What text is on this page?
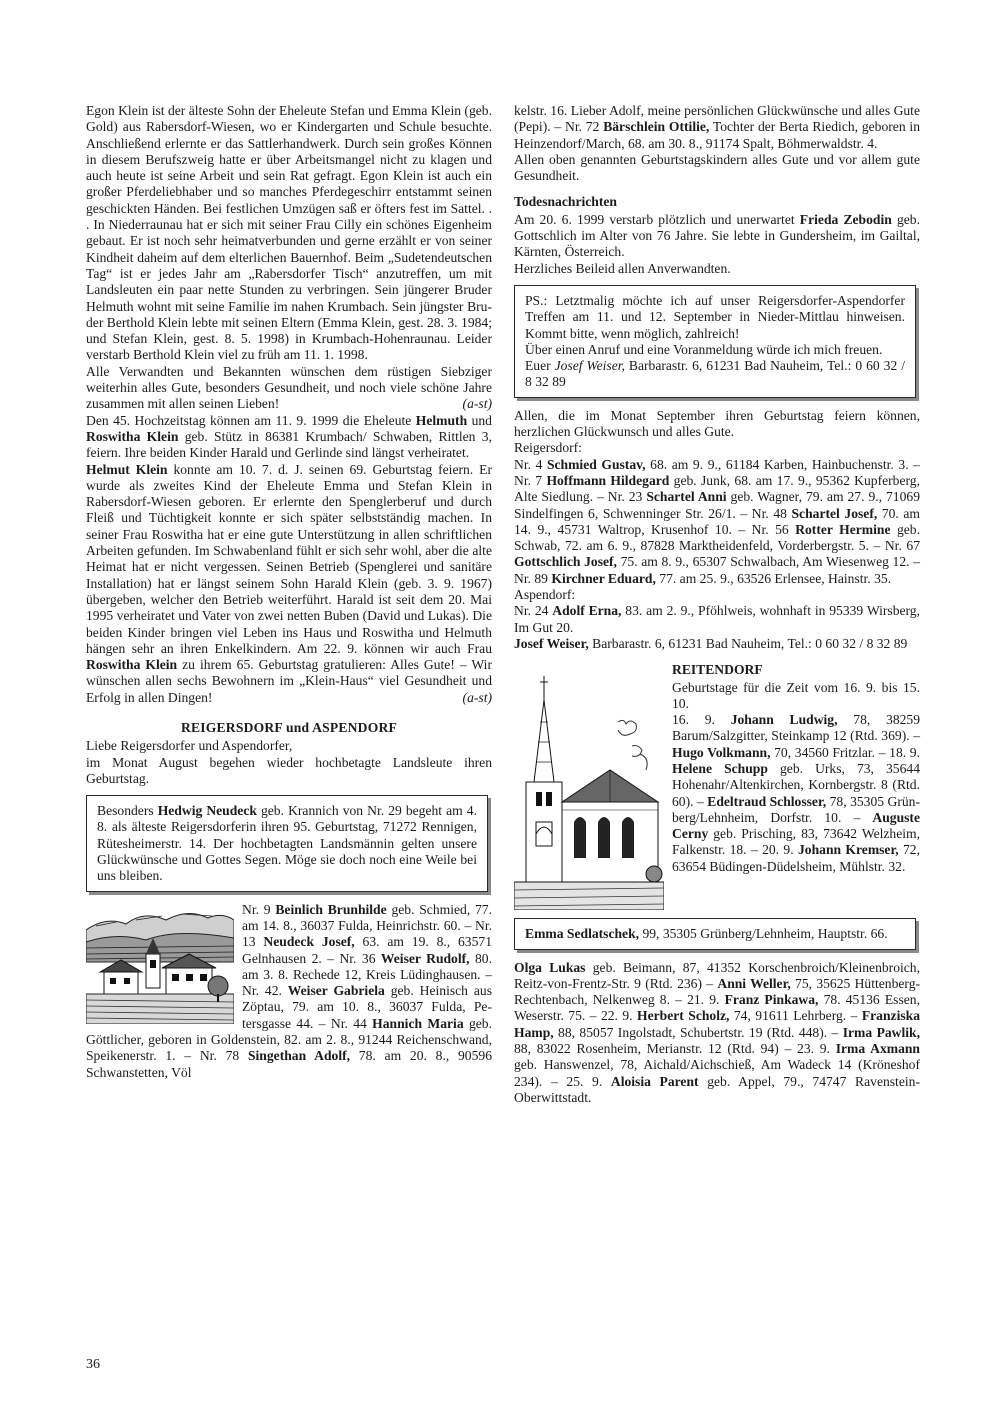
Egon Klein ist der älteste Sohn der Eheleute Stefan und Emma Klein (geb. Gold) aus Rabersdorf-Wiesen, wo er Kindergarten und Schule besuchte. Anschließend erlernte er das Sattlerhandwerk. Durch sein großes Können in diesem Berufszweig hatte er über Arbeitsmangel nicht zu klagen und auch heute ist seine Arbeit und sein Rat gefragt. Egon Klein ist auch ein großer Pferdeliebhaber und so manches Pferdegeschirr entstammt seinen geschickten Händen. Bei festlichen Umzügen saß er öfters fest im Sattel. . . In Niederraunau hat er sich mit seiner Frau Cilly ein schönes Eigenheim gebaut. Er ist noch sehr heimatverbunden und gerne erzählt er von seiner Kindheit daheim auf dem elterlichen Bauernhof. Beim „Sudetendeutschen Tag“ ist er jedes Jahr am „Rabersdorfer Tisch“ anzutreffen, um mit Landsleuten ein paar nette Stunden zu verbringen. Sein jüngerer Bruder Helmuth wohnt mit seine Familie im nahen Krumbach. Sein jüngster Bruder Berthold Klein lebte mit seinen Eltern (Emma Klein, gest. 28. 3. 1984; und Stefan Klein, gest. 8. 5. 1998) in Krumbach-Hohenraunau. Leider verstarb Berthold Klein viel zu früh am 11. 1. 1998.

Alle Verwandten und Bekannten wünschen dem rüstigen Siebziger weiterhin alles Gute, besonders Gesundheit, und noch viele schöne Jahre zusammen mit allen seinen Lieben!	(a-st)

Den 45. Hochzeitstag können am 11. 9. 1999 die Eheleute Helmuth und Roswitha Klein geb. Stütz in 86381 Krumbach/ Schwaben, Rittlen 3, feiern. Ihre beiden Kinder Harald und Gerlinde sind längst verheiratet.

Helmut Klein konnte am 10. 7. d. J. seinen 69. Geburtstag feiern. Er wurde als zweites Kind der Eheleute Emma und Stefan Klein in Rabersdorf-Wiesen geboren. Er erlernte den Spenglerberuf und durch Fleiß und Tüchtigkeit konnte er sich später selbstständig machen. In seiner Frau Roswitha hat er eine gute Unterstützung in allen schriftlichen Arbeiten gefunden. Im Schwabenland fühlt er sich sehr wohl, aber die alte Heimat hat er nicht vergessen. Seinen Betrieb (Spenglerei und sanitäre Installation) hat er längst seinem Sohn Harald Klein (geb. 3. 9. 1967) übergeben, welcher den Betrieb weiterführt. Harald ist seit dem 20. Mai 1995 verheiratet und Vater von zwei netten Buben (David und Lukas). Die beiden Kinder bringen viel Leben ins Haus und Roswitha und Helmuth hängen sehr an ihren Enkelkindern. Am 22. 9. können wir auch Frau Roswitha Klein zu ihrem 65. Geburtstag gratulieren: Alles Gute! – Wir wünschen allen sechs Bewohnern im „Klein-Haus“ viel Gesundheit und Erfolg in allen Dingen!	(a-st)

REIGERSDORF und ASPENDORF

Liebe Reigersdorfer und Aspendorfer,

im Monat August begehen wieder hochbetagte Landsleute ihren Geburtstag.

Besonders Hedwig Neudeck geb. Krannich von Nr. 29 begeht am 4. 8. als älteste Reigersdorferin ihren 95. Geburtstag, 71272 Rennigen, Rütesheimerstr. 14. Der hochbetagten Landsmännin gelten unsere Glückwünsche und Gottes Segen. Möge sie doch noch eine Weile bei uns bleiben.

Nr. 9 Beinlich Brunhilde geb. Schmied, 77. am 14. 8., 36037 Fulda, Heinrichstr. 60. – Nr. 13 Neudeck Josef, 63. am 19. 8., 63571 Gelnhausen 2. – Nr. 36 Weiser Rudolf, 80. am 3. 8. Rechede 12, Kreis Lüdinghausen. – Nr. 42. Weiser Gabriela geb. Heinisch aus Zöptau, 79. am 10. 8., 36037 Fulda, Petersgasse 44. – Nr. 44 Hannich Maria geb. Göttlicher, geboren in Goldenstein, 82. am 2. 8., 91244 Reichenschwand, Speikenerstr. 1. – Nr. 78 Singethan Adolf, 78. am 20. 8., 90596 Schwanstetten, Völ

kelstr. 16. Lieber Adolf, meine persönlichen Glückwünsche und alles Gute (Pepi). – Nr. 72 Bärschlein Ottilie, Tochter der Berta Riedich, geboren in Heinzendorf/March, 68. am 30. 8., 91174 Spalt, Böhmerwaldstr. 4.

Allen oben genannten Geburtstagskindern alles Gute und vor allem gute Gesundheit.

Todesnachrichten

Am 20. 6. 1999 verstarb plötzlich und unerwartet Frieda Zebodin geb. Gottschlich im Alter von 76 Jahre. Sie lebte in Gundersheim, im Gailtal, Kärnten, Österreich.

Herzliches Beileid allen Anverwandten.

PS.: Letztmalig möchte ich auf unser Reigersdorfer-Aspendorfer Treffen am 11. und 12. September in Nieder-Mittlau hinweisen. Kommt bitte, wenn möglich, zahlreich!

Über einen Anruf und eine Voranmeldung würde ich mich freuen.

Euer Josef Weiser, Barbarastr. 6, 61231 Bad Nauheim, Tel.: 0 60 32 / 8 32 89

Allen, die im Monat September ihren Geburtstag feiern können, herzlichen Glückwunsch und alles Gute.

Reigersdorf:

Nr. 4 Schmied Gustav, 68. am 9. 9., 61184 Karben, Hainbuchenstr. 3. – Nr. 7 Hoffmann Hildegard geb. Junk, 68. am 17. 9., 95362 Kupferberg, Alte Siedlung. – Nr. 23 Schartel Anni geb. Wagner, 79. am 27. 9., 71069 Sindelfingen 6, Schwenninger Str. 26/1. – Nr. 48 Schartel Josef, 70. am 14. 9., 45731 Waltrop, Krusenhof 10. – Nr. 56 Rotter Hermine geb. Schwab, 72. am 6. 9., 87828 Marktheidenfeld, Vorderbergstr. 5. – Nr. 67 Gottschlich Josef, 75. am 8. 9., 65307 Schwalbach, Am Wiesenweg 12. – Nr. 89 Kirchner Eduard, 77. am 25. 9., 63526 Erlensee, Hainstr. 35.

Aspendorf:

Nr. 24 Adolf Erna, 83. am 2. 9., Pföhlweis, wohnhaft in 95339 Wirsberg, Im Gut 20.

Josef Weiser, Barbarastr. 6, 61231 Bad Nauheim, Tel.: 0 60 32 / 8 32 89

REITENDORF

Geburtstage für die Zeit vom 16. 9. bis 15. 10.

16. 9. Johann Ludwig, 78, 38259 Barum/Salzgitter, Steinkamp 12 (Rtd. 369). – Hugo Volkmann, 70, 34560 Fritzlar. – 18. 9. Helene Schupp geb. Urks, 73, 35644 Hohenahr/Altenkirchen, Kornbergstr. 8 (Rtd. 60). – Edeltraud Schlosser, 78, 35305 Grünberg/Lehnheim, Dorfstr. 10. – Auguste Cerny geb. Prisching, 83, 73642 Welzheim, Falkenstr. 18. – 20. 9. Johann Kremser, 72, 63654 Büdingen-Düdelsheim, Mühlstr. 32.

Emma Sedlatschek, 99, 35305 Grünberg/Lehnheim, Hauptstr. 66.

Olga Lukas geb. Beimann, 87, 41352 Korschenbroich/Kleinenbroich, Reitz-von-Frentz-Str. 9 (Rtd. 236) – Anni Weller, 75, 35625 Hüttenberg-Rechtenbach, Nelkenweg 8. – 21. 9. Franz Pinkawa, 78. 45136 Essen, Weserstr. 75. – 22. 9. Herbert Scholz, 74, 91611 Lehrberg. – Franziska Hamp, 88, 85057 Ingolstadt, Schubertstr. 19 (Rtd. 448). – Irma Pawlik, 88, 83022 Rosenheim, Merianstr. 12 (Rtd. 94) – 23. 9. Irma Axmann geb. Hanswenzel, 78, Aichald/Aichschieß, Am Wadeck 14 (Kröneshof 234). – 25. 9. Aloisia Parent geb. Appel, 79., 74747 Ravenstein-Oberwittstadt.

36
